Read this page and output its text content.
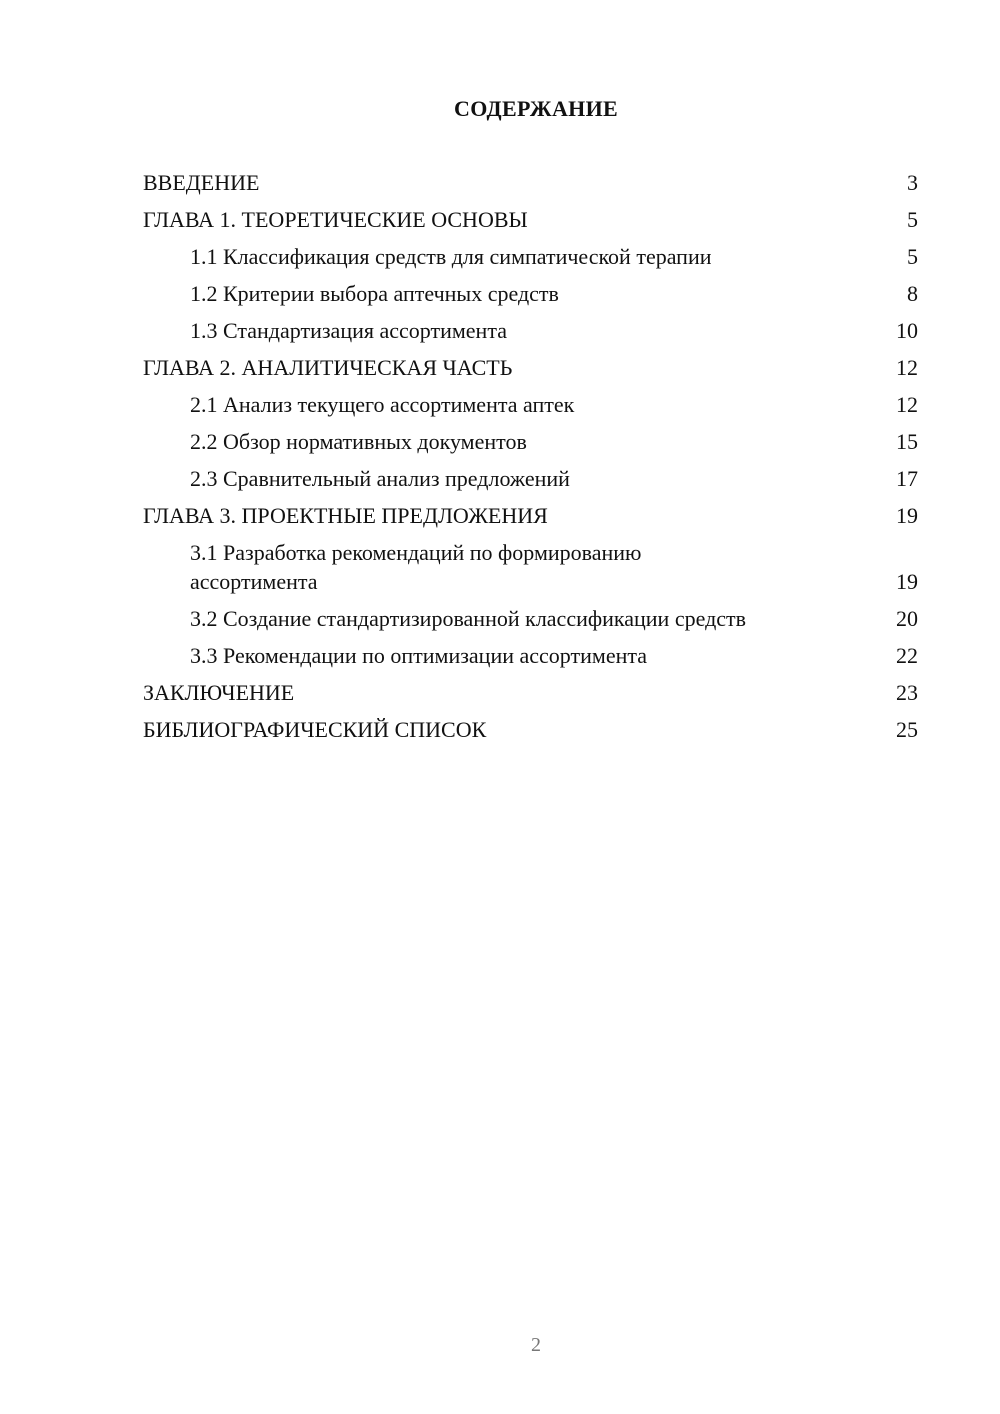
СОДЕРЖАНИЕ
ВВЕДЕНИЕ	3
ГЛАВА 1. ТЕОРЕТИЧЕСКИЕ ОСНОВЫ	5
1.1 Классификация средств для симпатической терапии	5
1.2 Критерии выбора аптечных средств	8
1.3 Стандартизация ассортимента	10
ГЛАВА 2. АНАЛИТИЧЕСКАЯ ЧАСТЬ	12
2.1 Анализ текущего ассортимента аптек	12
2.2 Обзор нормативных документов	15
2.3 Сравнительный анализ предложений	17
ГЛАВА 3. ПРОЕКТНЫЕ ПРЕДЛОЖЕНИЯ	19
3.1 Разработка рекомендаций по формированию ассортимента	19
3.2 Создание стандартизированной классификации средств	20
3.3 Рекомендации по оптимизации ассортимента	22
ЗАКЛЮЧЕНИЕ	23
БИБЛИОГРАФИЧЕСКИЙ СПИСОК	25
2
